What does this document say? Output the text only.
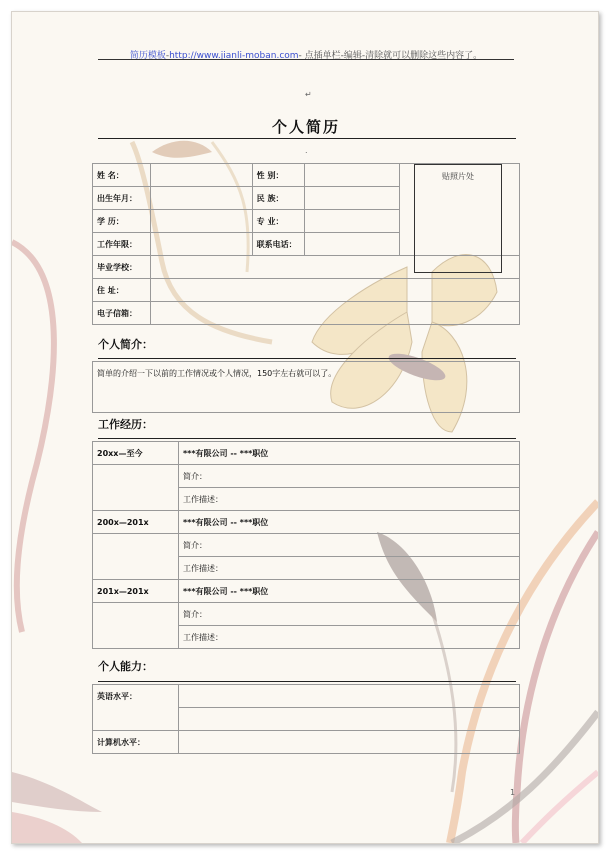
简历模板-http://www.jianli-moban.com- 点插单栏-编辑-清除就可以删除这些内容了。
↵
个人简历
.
姓 名：		性 别：		
出生年月：		民 族：		
学 历：		专 业：		
工作年限：		联系电话：		
毕业学校：				
住 址：				
电子信箱：				
贴照片处
个人简介：
简单的介绍一下以前的工作情况或个人情况，150字左右就可以了。
工作经历：
20xx—至今	***有限公司 -- ***职位
	简介：
	工作描述：
200x—201x	***有限公司 -- ***职位
	简介：
	工作描述：
201x—201x	***有限公司 -- ***职位
	简介：
	工作描述：
个人能力：
英语水平：	

计算机水平：	
1
